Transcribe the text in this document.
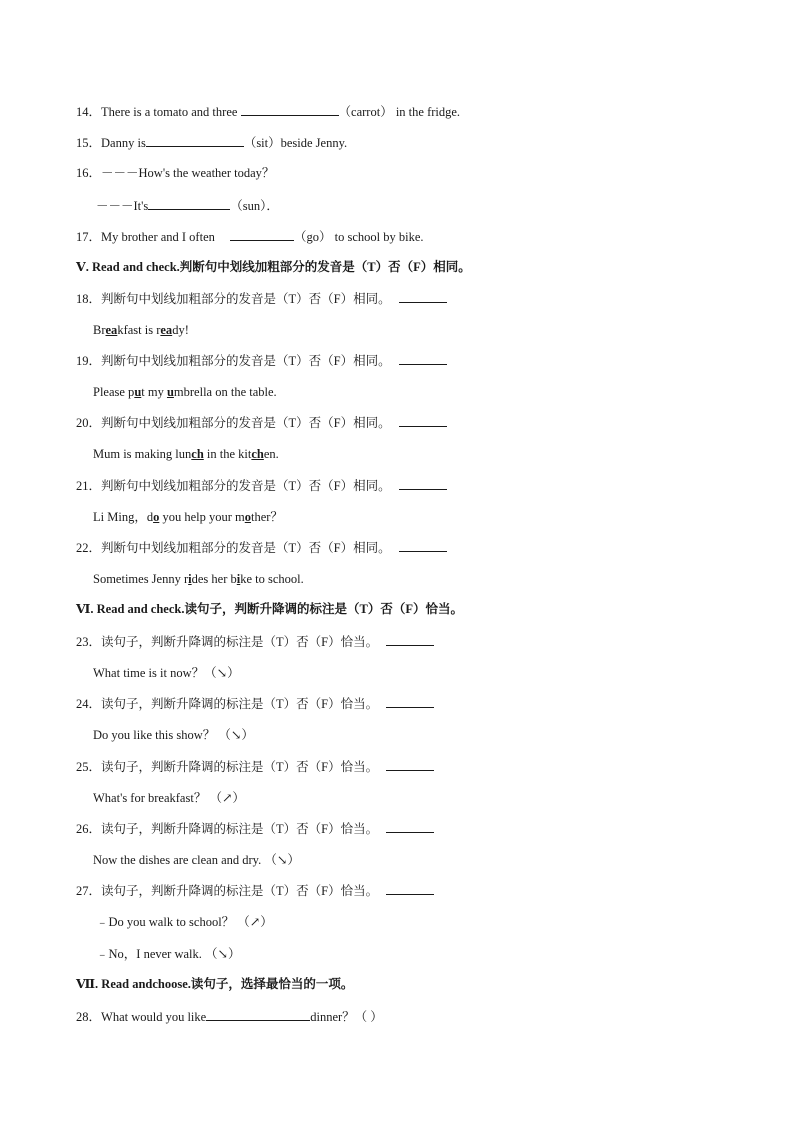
14．There is a tomato and three	（carrot） in the fridge.
15．Danny is	（sit）beside Jenny.
16．－－－How's the weather today？
－－－It's	（sun）．
17．My brother and I often	（go） to school by bike.
Ⅴ. Read and check.判断句中划线加粗部分的发音是（T）否（F）相同。
18．判断句中划线加粗部分的发音是（T）否（F）相同。
Breakfast is ready!
19．判断句中划线加粗部分的发音是（T）否（F）相同。
Please put my umbrella on the table.
20．判断句中划线加粗部分的发音是（T）否（F）相同。
Mum is making lunch in the kitchen.
21．判断句中划线加粗部分的发音是（T）否（F）相同。
Li Ming，do you help your mother？
22．判断句中划线加粗部分的发音是（T）否（F）相同。
Sometimes Jenny rides her bike to school.
Ⅵ. Read and check.读句子，判断升降调的标注是（T）否（F）恰当。
23．读句子，判断升降调的标注是（T）否（F）恰当。
What time is it now？（↘）
24．读句子，判断升降调的标注是（T）否（F）恰当。
Do you like this show？ （↘）
25．读句子，判断升降调的标注是（T）否（F）恰当。
What's for breakfast？ （↗）
26．读句子，判断升降调的标注是（T）否（F）恰当。
Now the dishes are clean and dry. （↘）
27．读句子，判断升降调的标注是（T）否（F）恰当。
﹣Do you walk to school？ （↗）
﹣No，I never walk. （↘）
Ⅶ. Read andchoose.读句子，选择最恰当的一项。
28．What would you like	dinner？（ ）
